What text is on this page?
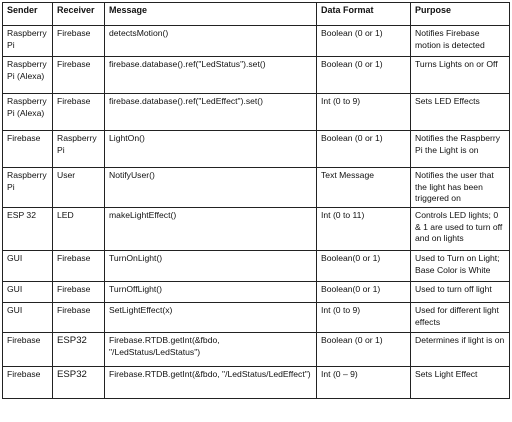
Sender	Receiver	Message	Data Format	Purpose
Raspberry Pi	Firebase	detectsMotion()	Boolean (0 or 1)	Notifies Firebase motion is detected
Raspberry Pi (Alexa)	Firebase	firebase.database().ref("LedStatus").set()	Boolean (0 or 1)	Turns Lights on or Off
Raspberry Pi (Alexa)	Firebase	firebase.database().ref("LedEffect").set()	Int (0 to 9)	Sets LED Effects
Firebase	Raspberry Pi	LightOn()	Boolean (0 or 1)	Notifies the Raspberry Pi the Light is on
Raspberry Pi	User	NotifyUser()	Text Message	Notifies the user that the light has been triggered on
ESP 32	LED	makeLightEffect()	Int (0 to 11)	Controls LED lights; 0 & 1 are used to turn off and on lights
GUI	Firebase	TurnOnLight()	Boolean(0 or 1)	Used to Turn on Light; Base Color is White
GUI	Firebase	TurnOffLight()	Boolean(0 or 1)	Used to turn off light
GUI	Firebase	SetLightEffect(x)	Int (0 to 9)	Used for different light effects
Firebase	ESP32	Firebase.RTDB.getInt(&fbdo, "/LedStatus/LedStatus")	Boolean (0 or 1)	Determines if light is on
Firebase	ESP32	Firebase.RTDB.getInt(&fbdo, "/LedStatus/LedEffect")	Int (0 – 9)	Sets Light Effect
